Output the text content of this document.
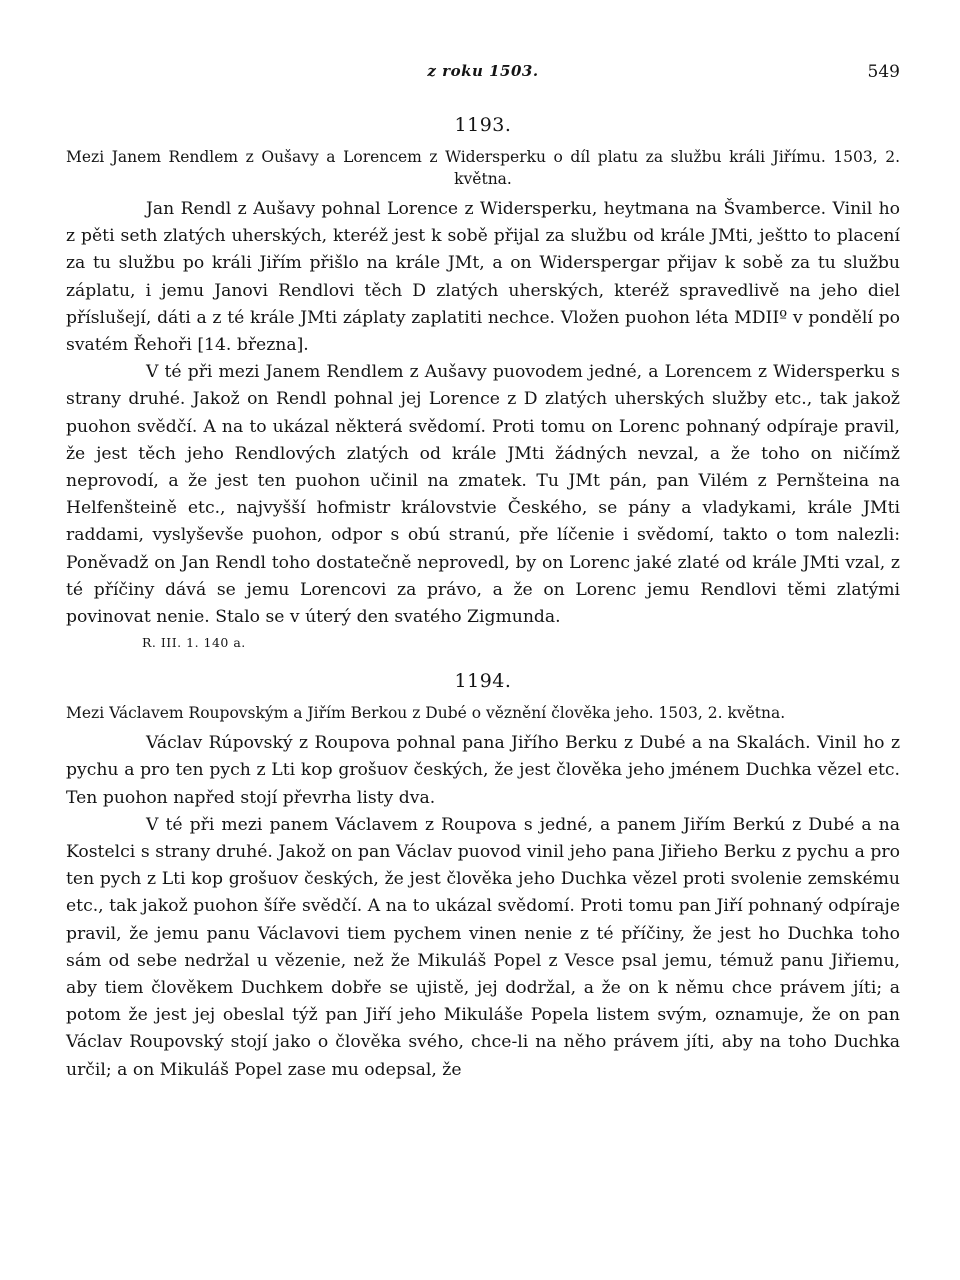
z roku 1503.	549
1193.
Mezi Janem Rendlem z Oušavy a Lorencem z Widersperku o díl platu za službu králi Jiřímu. 1503, 2. května.

Jan Rendl z Aušavy pohnal Lorence z Widersperku, heytmana na Švamberce. Vinil ho z pěti seth zlatých uherských, kteréž jest k sobě přijal za službu od krále JMti, ještto to placení za tu službu po králi Jiřím přišlo na krále JMt, a on Widerspergar přijav k sobě za tu službu záplatu, i jemu Janovi Rendlovi těch D zlatých uherských, kteréž spravedlivě na jeho diel příslušejí, dáti a z té krále JMti záplaty zaplatiti nechce. Vložen puohon léta MDIIº v pondělí po svatém Řehoři [14. března].

V té při mezi Janem Rendlem z Aušavy puovodem jedné, a Lorencem z Widersperku s strany druhé. Jakož on Rendl pohnal jej Lorence z D zlatých uherských služby etc., tak jakož puohon svědčí. A na to ukázal některá svědomí. Proti tomu on Lorenc pohnaný odpíraje pravil, že jest těch jeho Rendlových zlatých od krále JMti žádných nevzal, a že toho on ničímž neprovodí, a že jest ten puohon učinil na zmatek. Tu JMt pán, pan Vilém z Pernšteina na Helfenšteině etc., najvyšší hofmistr královstvie Českého, se pány a vladykami, krále JMti raddami, vyslyševše puohon, odpor s obú stranú, pře líčenie i svědomí, takto o tom nalezli: Poněvadž on Jan Rendl toho dostatečně neprovedl, by on Lorenc jaké zlaté od krále JMti vzal, z té příčiny dává se jemu Lorencovi za právo, a že on Lorenc jemu Rendlovi těmi zlatými povinovat nenie. Stalo se v úterý den svatého Zigmunda.

R. III. 1. 140 a.
1194.
Mezi Václavem Roupovským a Jiřím Berkou z Dubé o věznění člověka jeho. 1503, 2. května.

Václav Rúpovský z Roupova pohnal pana Jiřího Berku z Dubé a na Skalách. Vinil ho z pychu a pro ten pych z Lti kop grošuov českých, že jest člověka jeho jménem Duchka vězel etc. Ten puohon napřed stojí převrha listy dva.

V té při mezi panem Václavem z Roupova s jedné, a panem Jiřím Berkú z Dubé a na Kostelci s strany druhé. Jakož on pan Václav puovod vinil jeho pana Jiřieho Berku z pychu a pro ten pych z Lti kop grošuov českých, že jest člověka jeho Duchka vězel proti svolenie zemskému etc., tak jakož puohon šíře svědčí. A na to ukázal svědomí. Proti tomu pan Jiří pohnaný odpíraje pravil, že jemu panu Václavovi tiem pychem vinen nenie z té příčiny, že jest ho Duchka toho sám od sebe nedržal u vězenie, než že Mikuláš Popel z Vesce psal jemu, témuž panu Jiřiemu, aby tiem člověkem Duchkem dobře se ujistě, jej dodržal, a že on k němu chce právem jíti; a potom že jest jej obeslal týž pan Jiří jeho Mikuláše Popela listem svým, oznamuje, že on pan Václav Roupovský stojí jako o člověka svého, chce-li na něho právem jíti, aby na toho Duchka určil; a on Mikuláš Popel zase mu odepsal, že
